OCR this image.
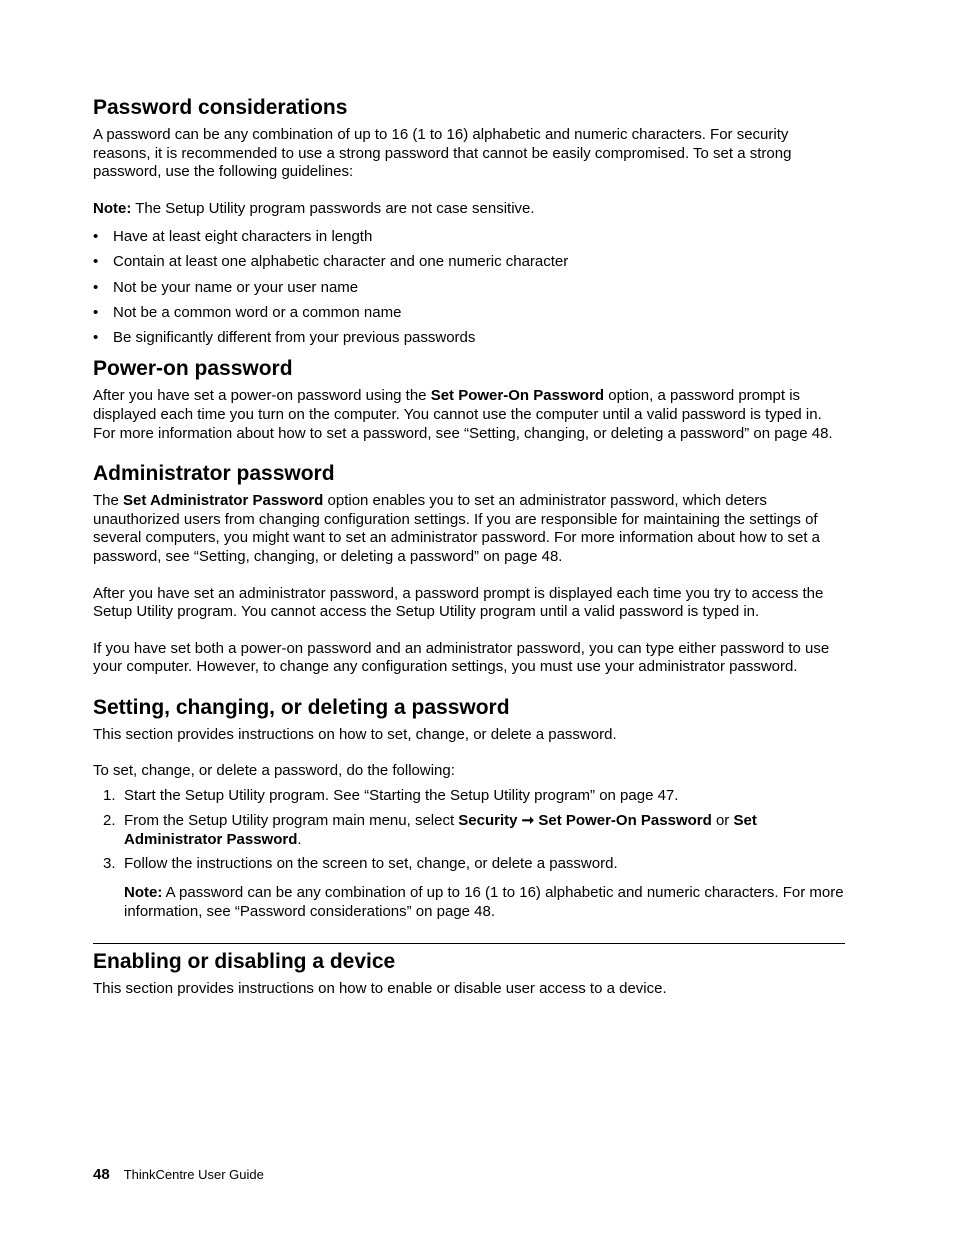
Password considerations

A password can be any combination of up to 16 (1 to 16) alphabetic and numeric characters. For security reasons, it is recommended to use a strong password that cannot be easily compromised. To set a strong password, use the following guidelines:

Note: The Setup Utility program passwords are not case sensitive.

• Have at least eight characters in length
• Contain at least one alphabetic character and one numeric character
• Not be your name or your user name
• Not be a common word or a common name
• Be significantly different from your previous passwords
Power-on password

After you have set a power-on password using the Set Power-On Password option, a password prompt is displayed each time you turn on the computer. You cannot use the computer until a valid password is typed in. For more information about how to set a password, see “Setting, changing, or deleting a password” on page 48.

Administrator password

The Set Administrator Password option enables you to set an administrator password, which deters unauthorized users from changing configuration settings. If you are responsible for maintaining the settings of several computers, you might want to set an administrator password. For more information about how to set a password, see “Setting, changing, or deleting a password” on page 48.

After you have set an administrator password, a password prompt is displayed each time you try to access the Setup Utility program. You cannot access the Setup Utility program until a valid password is typed in.

If you have set both a power-on password and an administrator password, you can type either password to use your computer. However, to change any configuration settings, you must use your administrator password.

Setting, changing, or deleting a password

This section provides instructions on how to set, change, or delete a password.

To set, change, or delete a password, do the following:

1. Start the Setup Utility program. See “Starting the Setup Utility program” on page 47.
2. From the Setup Utility program main menu, select Security ➞ Set Power-On Password or Set Administrator Password.
3. Follow the instructions on the screen to set, change, or delete a password.

Note: A password can be any combination of up to 16 (1 to 16) alphabetic and numeric characters. For more information, see “Password considerations” on page 48.

Enabling or disabling a device

This section provides instructions on how to enable or disable user access to a device.

48 ThinkCentre User Guide
